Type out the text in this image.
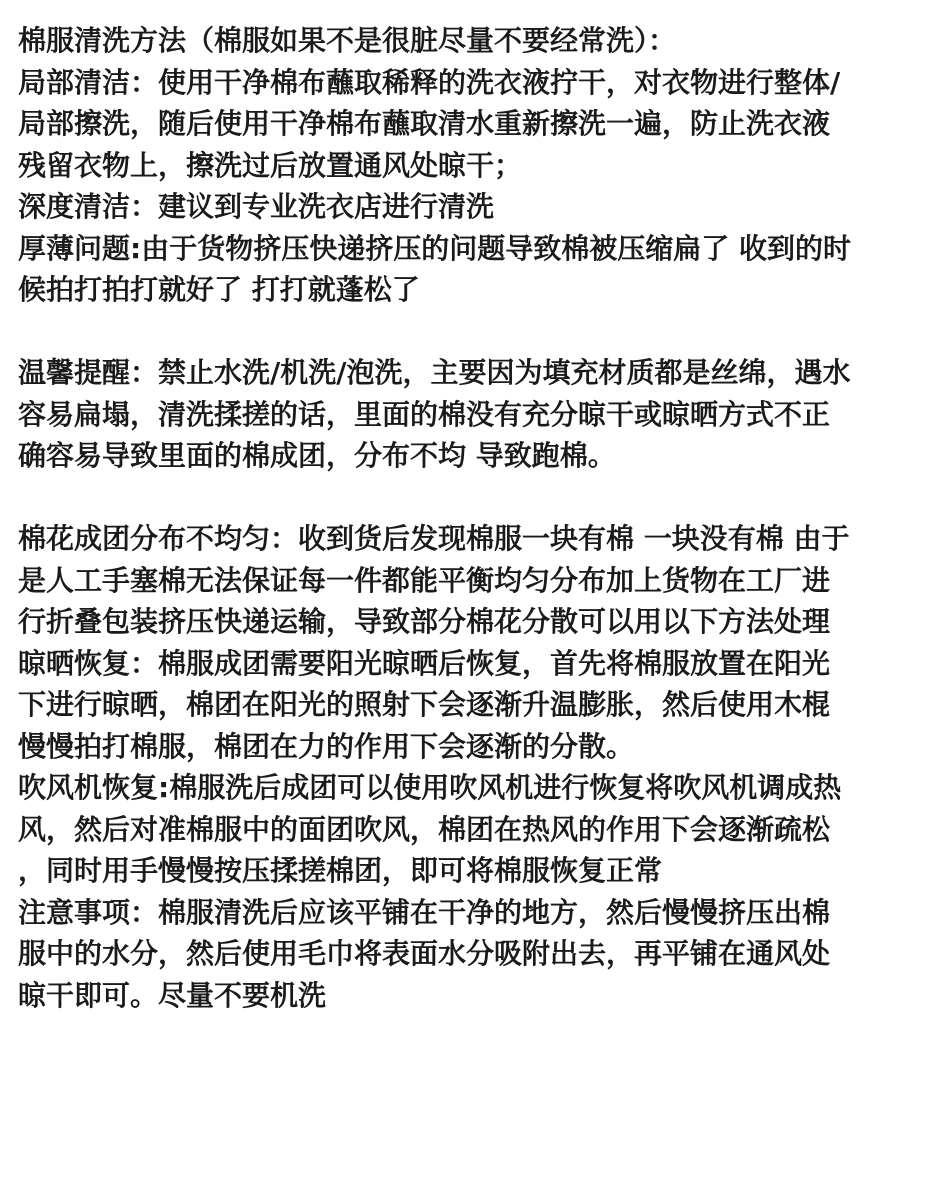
棉服清洗方法（棉服如果不是很脏尽量不要经常洗）：
局部清洁：使用干净棉布蘸取稀释的洗衣液拧干，对衣物进行整体/
局部擦洗，随后使用干净棉布蘸取清水重新擦洗一遍，防止洗衣液
残留衣物上，擦洗过后放置通风处晾干；
深度清洁：建议到专业洗衣店进行清洗
厚薄问题:由于货物挤压快递挤压的问题导致棉被压缩扁了 收到的时
候拍打拍打就好了 打打就蓬松了
温馨提醒：禁止水洗/机洗/泡洗，主要因为填充材质都是丝绵，遇水
容易扁塌，清洗揉搓的话，里面的棉没有充分晾干或晾晒方式不正
确容易导致里面的棉成团，分布不均 导致跑棉。
棉花成团分布不均匀：收到货后发现棉服一块有棉 一块没有棉 由于
是人工手塞棉无法保证每一件都能平衡均匀分布加上货物在工厂进
行折叠包装挤压快递运输，导致部分棉花分散可以用以下方法处理
晾晒恢复：棉服成团需要阳光晾晒后恢复，首先将棉服放置在阳光
下进行晾晒，棉团在阳光的照射下会逐渐升温膨胀，然后使用木棍
慢慢拍打棉服，棉团在力的作用下会逐渐的分散。
吹风机恢复:棉服洗后成团可以使用吹风机进行恢复将吹风机调成热
风，然后对准棉服中的面团吹风，棉团在热风的作用下会逐渐疏松
，同时用手慢慢按压揉搓棉团，即可将棉服恢复正常
注意事项：棉服清洗后应该平铺在干净的地方，然后慢慢挤压出棉
服中的水分，然后使用毛巾将表面水分吸附出去，再平铺在通风处
晾干即可。尽量不要机洗
